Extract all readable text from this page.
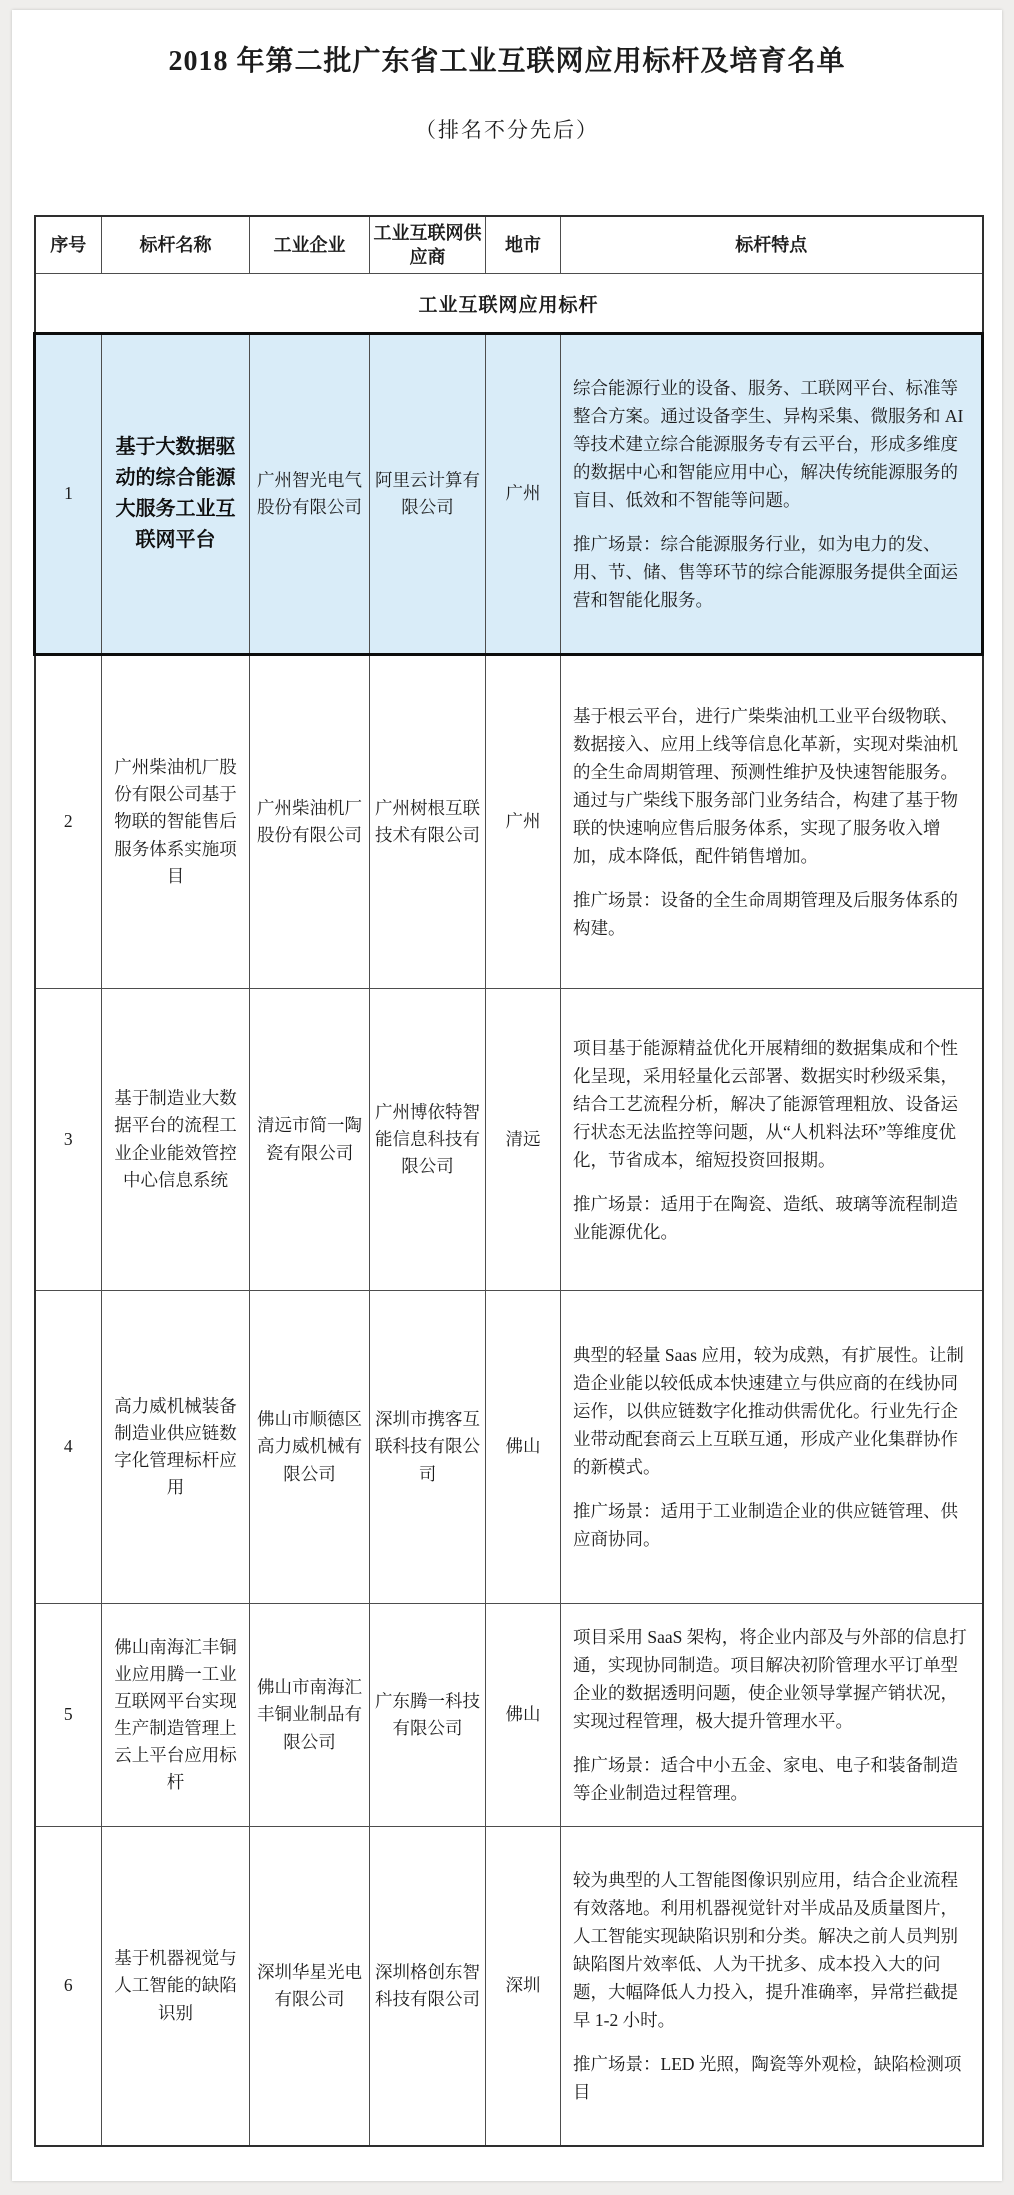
2018 年第二批广东省工业互联网应用标杆及培育名单
（排名不分先后）
序号	标杆名称	工业企业	工业互联网供应商	地市	标杆特点
工业互联网应用标杆					
1	基于大数据驱动的综合能源大服务工业互联网平台	广州智光电气股份有限公司	阿里云计算有限公司	广州	综合能源行业的设备、服务、工联网平台、标准等整合方案。通过设备孪生、异构采集、微服务和 AI 等技术建立综合能源服务专有云平台，形成多维度的数据中心和智能应用中心，解决传统能源服务的盲目、低效和不智能等问题。

推广场景：综合能源服务行业，如为电力的发、用、节、储、售等环节的综合能源服务提供全面运营和智能化服务。

2	广州柴油机厂股份有限公司基于物联的智能售后服务体系实施项目	广州柴油机厂股份有限公司	广州树根互联技术有限公司	广州	基于根云平台，进行广柴柴油机工业平台级物联、数据接入、应用上线等信息化革新，实现对柴油机的全生命周期管理、预测性维护及快速智能服务。通过与广柴线下服务部门业务结合，构建了基于物联的快速响应售后服务体系，实现了服务收入增加，成本降低，配件销售增加。

推广场景：设备的全生命周期管理及后服务体系的构建。

3	基于制造业大数据平台的流程工业企业能效管控中心信息系统	清远市简一陶瓷有限公司	广州博依特智能信息科技有限公司	清远	项目基于能源精益优化开展精细的数据集成和个性化呈现，采用轻量化云部署、数据实时秒级采集，结合工艺流程分析，解决了能源管理粗放、设备运行状态无法监控等问题，从“人机料法环”等维度优化，节省成本，缩短投资回报期。

推广场景：适用于在陶瓷、造纸、玻璃等流程制造业能源优化。

4	高力威机械装备制造业供应链数字化管理标杆应用	佛山市顺德区高力威机械有限公司	深圳市携客互联科技有限公司	佛山	典型的轻量 Saas 应用，较为成熟，有扩展性。让制造企业能以较低成本快速建立与供应商的在线协同运作，以供应链数字化推动供需优化。行业先行企业带动配套商云上互联互通，形成产业化集群协作的新模式。

推广场景：适用于工业制造企业的供应链管理、供应商协同。

5	佛山南海汇丰铜业应用腾一工业互联网平台实现生产制造管理上云上平台应用标杆	佛山市南海汇丰铜业制品有限公司	广东腾一科技有限公司	佛山	项目采用 SaaS 架构，将企业内部及与外部的信息打通，实现协同制造。项目解决初阶管理水平订单型企业的数据透明问题，使企业领导掌握产销状况，实现过程管理，极大提升管理水平。

推广场景：适合中小五金、家电、电子和装备制造等企业制造过程管理。

6	基于机器视觉与人工智能的缺陷识别	深圳华星光电有限公司	深圳格创东智科技有限公司	深圳	较为典型的人工智能图像识别应用，结合企业流程有效落地。利用机器视觉针对半成品及质量图片，人工智能实现缺陷识别和分类。解决之前人员判别缺陷图片效率低、人为干扰多、成本投入大的问题，大幅降低人力投入，提升准确率，异常拦截提早 1-2 小时。

推广场景：LED 光照，陶瓷等外观检，缺陷检测项目
